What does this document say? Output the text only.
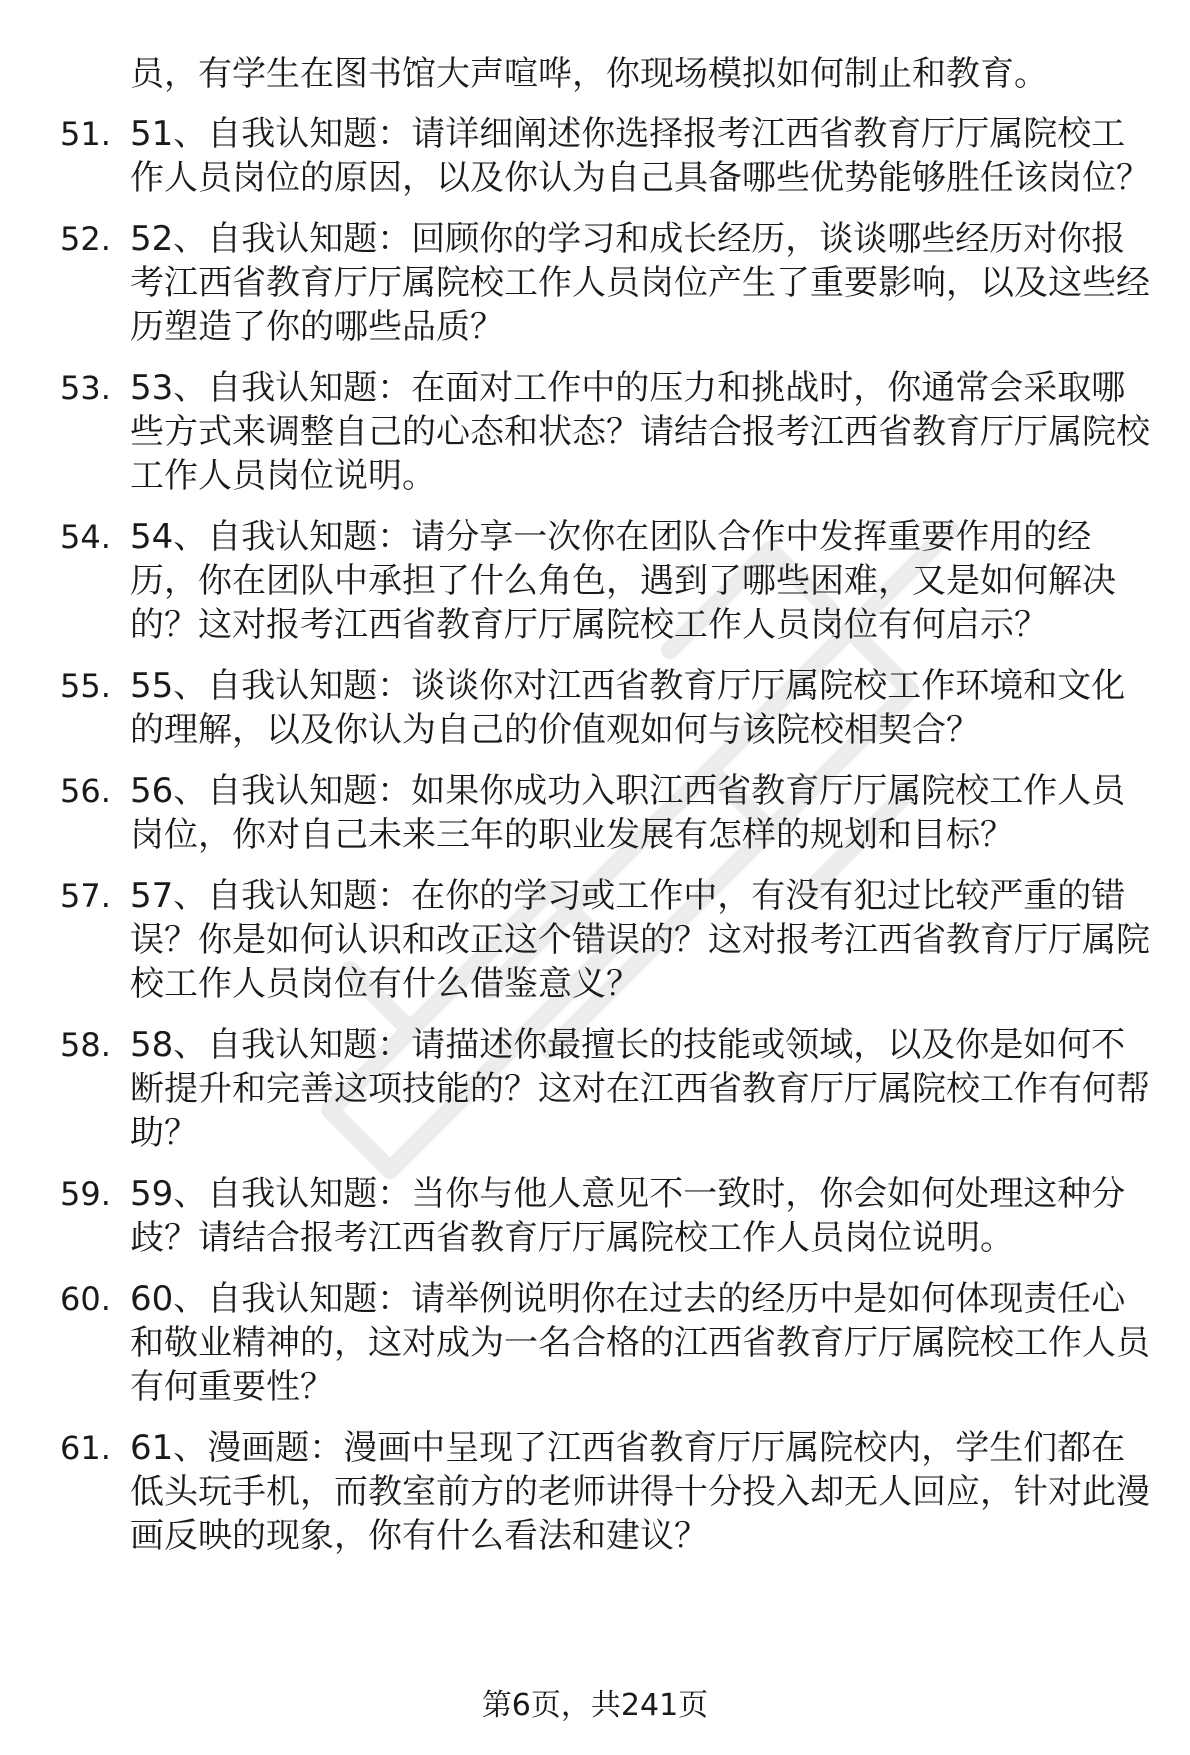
员，有学生在图书馆大声喧哗，你现场模拟如何制止和教育。
51. 51、自我认知题：请详细阐述你选择报考江西省教育厅厅属院校工作人员岗位的原因，以及你认为自己具备哪些优势能够胜任该岗位？
52. 52、自我认知题：回顾你的学习和成长经历，谈谈哪些经历对你报考江西省教育厅厅属院校工作人员岗位产生了重要影响，以及这些经历塑造了你的哪些品质？
53. 53、自我认知题：在面对工作中的压力和挑战时，你通常会采取哪些方式来调整自己的心态和状态？请结合报考江西省教育厅厅属院校工作人员岗位说明。
54. 54、自我认知题：请分享一次你在团队合作中发挥重要作用的经历，你在团队中承担了什么角色，遇到了哪些困难，又是如何解决的？这对报考江西省教育厅厅属院校工作人员岗位有何启示？
55. 55、自我认知题：谈谈你对江西省教育厅厅属院校工作环境和文化的理解，以及你认为自己的价值观如何与该院校相契合？
56. 56、自我认知题：如果你成功入职江西省教育厅厅属院校工作人员岗位，你对自己未来三年的职业发展有怎样的规划和目标？
57. 57、自我认知题：在你的学习或工作中，有没有犯过比较严重的错误？你是如何认识和改正这个错误的？这对报考江西省教育厅厅属院校工作人员岗位有什么借鉴意义？
58. 58、自我认知题：请描述你最擅长的技能或领域，以及你是如何不断提升和完善这项技能的？这对在江西省教育厅厅属院校工作有何帮助？
59. 59、自我认知题：当你与他人意见不一致时，你会如何处理这种分歧？请结合报考江西省教育厅厅属院校工作人员岗位说明。
60. 60、自我认知题：请举例说明你在过去的经历中是如何体现责任心和敬业精神的，这对成为一名合格的江西省教育厅厅属院校工作人员有何重要性？
61. 61、漫画题：漫画中呈现了江西省教育厅厅属院校内，学生们都在低头玩手机，而教室前方的老师讲得十分投入却无人回应，针对此漫画反映的现象，你有什么看法和建议？
第6页，共241页
